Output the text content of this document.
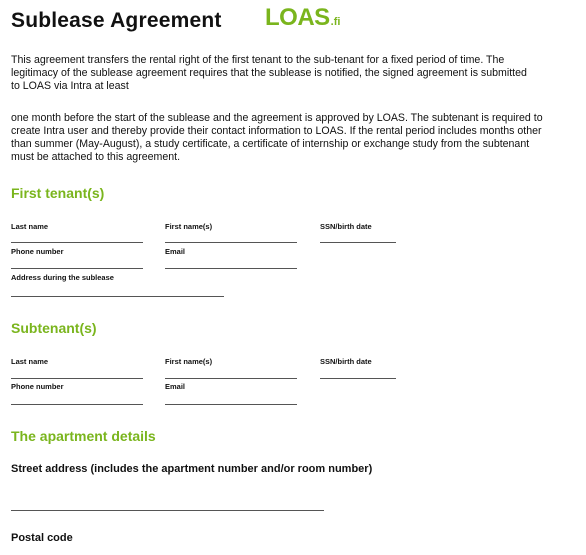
Sublease Agreement LOAS .fi
This agreement transfers the rental right of the first tenant to the sub-tenant for a fixed period of time. The
legitimacy of the sublease agreement requires that the sublease is notified, the signed agreement is submitted
to LOAS via Intra at least
one month before the start of the sublease and the agreement is approved by LOAS. The subtenant is required to
create Intra user and thereby provide their contact information to LOAS. If the rental period includes months other
than summer (May-August), a study certificate, a certificate of internship or exchange study from the subtenant
must be attached to this agreement.
First tenant(s)
Last name	First name(s)	SSN/birth date
Phone number	Email
Address during the sublease
Subtenant(s)
Last name	First name(s)	SSN/birth date
Phone number	Email
The apartment details
Street address (includes the apartment number and/or room number)
Postal code
